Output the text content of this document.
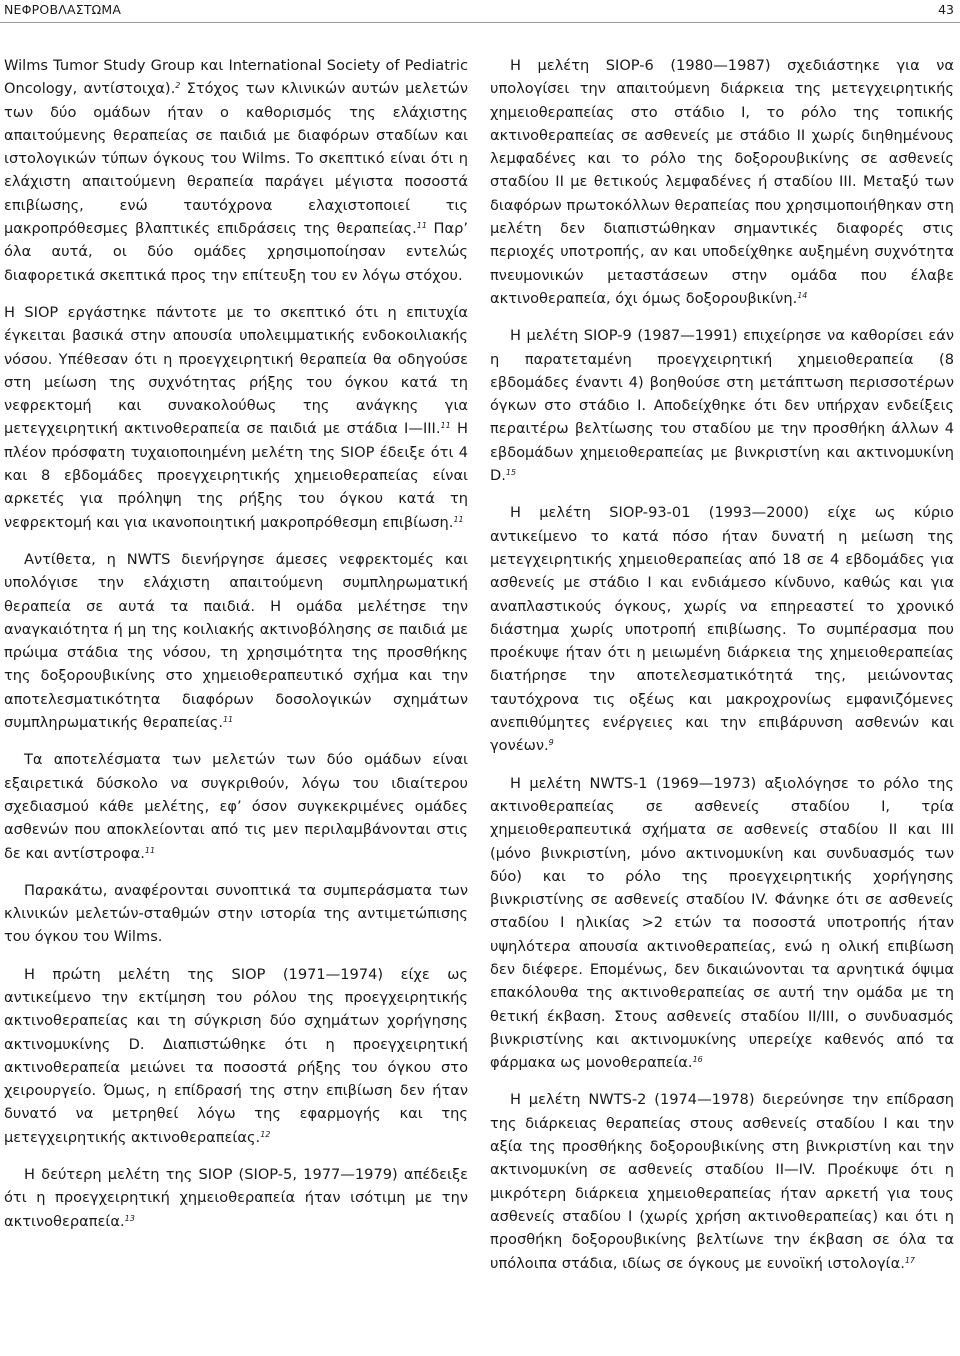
ΝΕΦΡΟΒΛΑΣΤΩΜΑ	43

Wilms Tumor Study Group και International Society of Pediatric Oncology, αντίστοιχα).$^2$ Στόχος των κλινικών αυτών μελετών των δύο ομάδων ήταν ο καθορισμός της ελάχιστης απαιτούμενης θεραπείας σε παιδιά με διαφόρων σταδίων και ιστολογικών τύπων όγκους του Wilms. Το σκεπτικό είναι ότι η ελάχιστη απαιτούμενη θεραπεία παράγει μέγιστα ποσοστά επιβίωσης, ενώ ταυτόχρονα ελαχιστοποιεί τις μακροπρόθεσμες βλαπτικές επιδράσεις της θεραπείας.$^{11}$ Παρ’ όλα αυτά, οι δύο ομάδες χρησιμοποίησαν εντελώς διαφορετικά σκεπτικά προς την επίτευξη του εν λόγω στόχου.

Η SIOP εργάστηκε πάντοτε με το σκεπτικό ότι η επιτυχία έγκειται βασικά στην απουσία υπολειμματικής ενδοκοιλιακής νόσου. Υπέθεσαν ότι η προεγχειρητική θεραπεία θα οδηγούσε στη μείωση της συχνότητας ρήξης του όγκου κατά τη νεφρεκτομή και συνακολούθως της ανάγκης για μετεγχειρητική ακτινοθεραπεία σε παιδιά με στάδια Ι—ΙΙΙ.$^{11}$ Η πλέον πρόσφατη τυχαιοποιημένη μελέτη της SIOP έδειξε ότι 4 και 8 εβδομάδες προεγχειρητικής χημειοθεραπείας είναι αρκετές για πρόληψη της ρήξης του όγκου κατά τη νεφρεκτομή και για ικανοποιητική μακροπρόθεσμη επιβίωση.$^{11}$

Αντίθετα, η NWTS διενήργησε άμεσες νεφρεκτομές και υπολόγισε την ελάχιστη απαιτούμενη συμπληρωματική θεραπεία σε αυτά τα παιδιά. Η ομάδα μελέτησε την αναγκαιότητα ή μη της κοιλιακής ακτινοβόλησης σε παιδιά με πρώιμα στάδια της νόσου, τη χρησιμότητα της προσθήκης της δοξορουβικίνης στο χημειοθεραπευτικό σχήμα και την αποτελεσματικότητα διαφόρων δοσολογικών σχημάτων συμπληρωματικής θεραπείας.$^{11}$

Τα αποτελέσματα των μελετών των δύο ομάδων είναι εξαιρετικά δύσκολο να συγκριθούν, λόγω του ιδιαίτερου σχεδιασμού κάθε μελέτης, εφ’ όσον συγκεκριμένες ομάδες ασθενών που αποκλείονται από τις μεν περιλαμβάνονται στις δε και αντίστροφα.$^{11}$

Παρακάτω, αναφέρονται συνοπτικά τα συμπεράσματα των κλινικών μελετών-σταθμών στην ιστορία της αντιμετώπισης του όγκου του Wilms.

Η πρώτη μελέτη της SIOP (1971—1974) είχε ως αντικείμενο την εκτίμηση του ρόλου της προεγχειρητικής ακτινοθεραπείας και τη σύγκριση δύο σχημάτων χορήγησης ακτινομυκίνης D. Διαπιστώθηκε ότι η προεγχειρητική ακτινοθεραπεία μειώνει τα ποσοστά ρήξης του όγκου στο χειρουργείο. Όμως, η επίδρασή της στην επιβίωση δεν ήταν δυνατό να μετρηθεί λόγω της εφαρμογής και της μετεγχειρητικής ακτινοθεραπείας.$^{12}$

Η δεύτερη μελέτη της SIOP (SIOP-5, 1977—1979) απέδειξε ότι η προεγχειρητική χημειοθεραπεία ήταν ισότιμη με την ακτινοθεραπεία.$^{13}$

Η μελέτη SIOP-6 (1980—1987) σχεδιάστηκε για να υπολογίσει την απαιτούμενη διάρκεια της μετεγχειρητικής χημειοθεραπείας στο στάδιο Ι, το ρόλο της τοπικής ακτινοθεραπείας σε ασθενείς με στάδιο ΙΙ χωρίς διηθημένους λεμφαδένες και το ρόλο της δοξορουβικίνης σε ασθενείς σταδίου ΙΙ με θετικούς λεμφαδένες ή σταδίου ΙΙΙ. Μεταξύ των διαφόρων πρωτοκόλλων θεραπείας που χρησιμοποιήθηκαν στη μελέτη δεν διαπιστώθηκαν σημαντικές διαφορές στις περιοχές υποτροπής, αν και υποδείχθηκε αυξημένη συχνότητα πνευμονικών μεταστάσεων στην ομάδα που έλαβε ακτινοθεραπεία, όχι όμως δοξορουβικίνη.$^{14}$

Η μελέτη SIOP-9 (1987—1991) επιχείρησε να καθορίσει εάν η παρατεταμένη προεγχειρητική χημειοθεραπεία (8 εβδομάδες έναντι 4) βοηθούσε στη μετάπτωση περισσοτέρων όγκων στο στάδιο Ι. Αποδείχθηκε ότι δεν υπήρχαν ενδείξεις περαιτέρω βελτίωσης του σταδίου με την προσθήκη άλλων 4 εβδομάδων χημειοθεραπείας με βινκριστίνη και ακτινομυκίνη D.$^{15}$

Η μελέτη SIOP-93-01 (1993—2000) είχε ως κύριο αντικείμενο το κατά πόσο ήταν δυνατή η μείωση της μετεγχειρητικής χημειοθεραπείας από 18 σε 4 εβδομάδες για ασθενείς με στάδιο Ι και ενδιάμεσο κίνδυνο, καθώς και για αναπλαστικούς όγκους, χωρίς να επηρεαστεί το χρονικό διάστημα χωρίς υποτροπή επιβίωσης. Το συμπέρασμα που προέκυψε ήταν ότι η μειωμένη διάρκεια της χημειοθεραπείας διατήρησε την αποτελεσματικότητά της, μειώνοντας ταυτόχρονα τις οξέως και μακροχρονίως εμφανιζόμενες ανεπιθύμητες ενέργειες και την επιβάρυνση ασθενών και γονέων.$^9$

Η μελέτη NWTS-1 (1969—1973) αξιολόγησε το ρόλο της ακτινοθεραπείας σε ασθενείς σταδίου Ι, τρία χημειοθεραπευτικά σχήματα σε ασθενείς σταδίου ΙΙ και ΙΙΙ (μόνο βινκριστίνη, μόνο ακτινομυκίνη και συνδυασμός των δύο) και το ρόλο της προεγχειρητικής χορήγησης βινκριστίνης σε ασθενείς σταδίου IV. Φάνηκε ότι σε ασθενείς σταδίου Ι ηλικίας >2 ετών τα ποσοστά υποτροπής ήταν υψηλότερα απουσία ακτινοθεραπείας, ενώ η ολική επιβίωση δεν διέφερε. Επομένως, δεν δικαιώνονται τα αρνητικά όψιμα επακόλουθα της ακτινοθεραπείας σε αυτή την ομάδα με τη θετική έκβαση. Στους ασθενείς σταδίου ΙΙ/ΙΙΙ, ο συνδυασμός βινκριστίνης και ακτινομυκίνης υπερείχε καθενός από τα φάρμακα ως μονοθεραπεία.$^{16}$

Η μελέτη NWTS-2 (1974—1978) διερεύνησε την επίδραση της διάρκειας θεραπείας στους ασθενείς σταδίου Ι και την αξία της προσθήκης δοξορουβικίνης στη βινκριστίνη και την ακτινομυκίνη σε ασθενείς σταδίου ΙΙ—IV. Προέκυψε ότι η μικρότερη διάρκεια χημειοθεραπείας ήταν αρκετή για τους ασθενείς σταδίου Ι (χωρίς χρήση ακτινοθεραπείας) και ότι η προσθήκη δοξορουβικίνης βελτίωνε την έκβαση σε όλα τα υπόλοιπα στάδια, ιδίως σε όγκους με ευνοϊκή ιστολογία.$^{17}$
